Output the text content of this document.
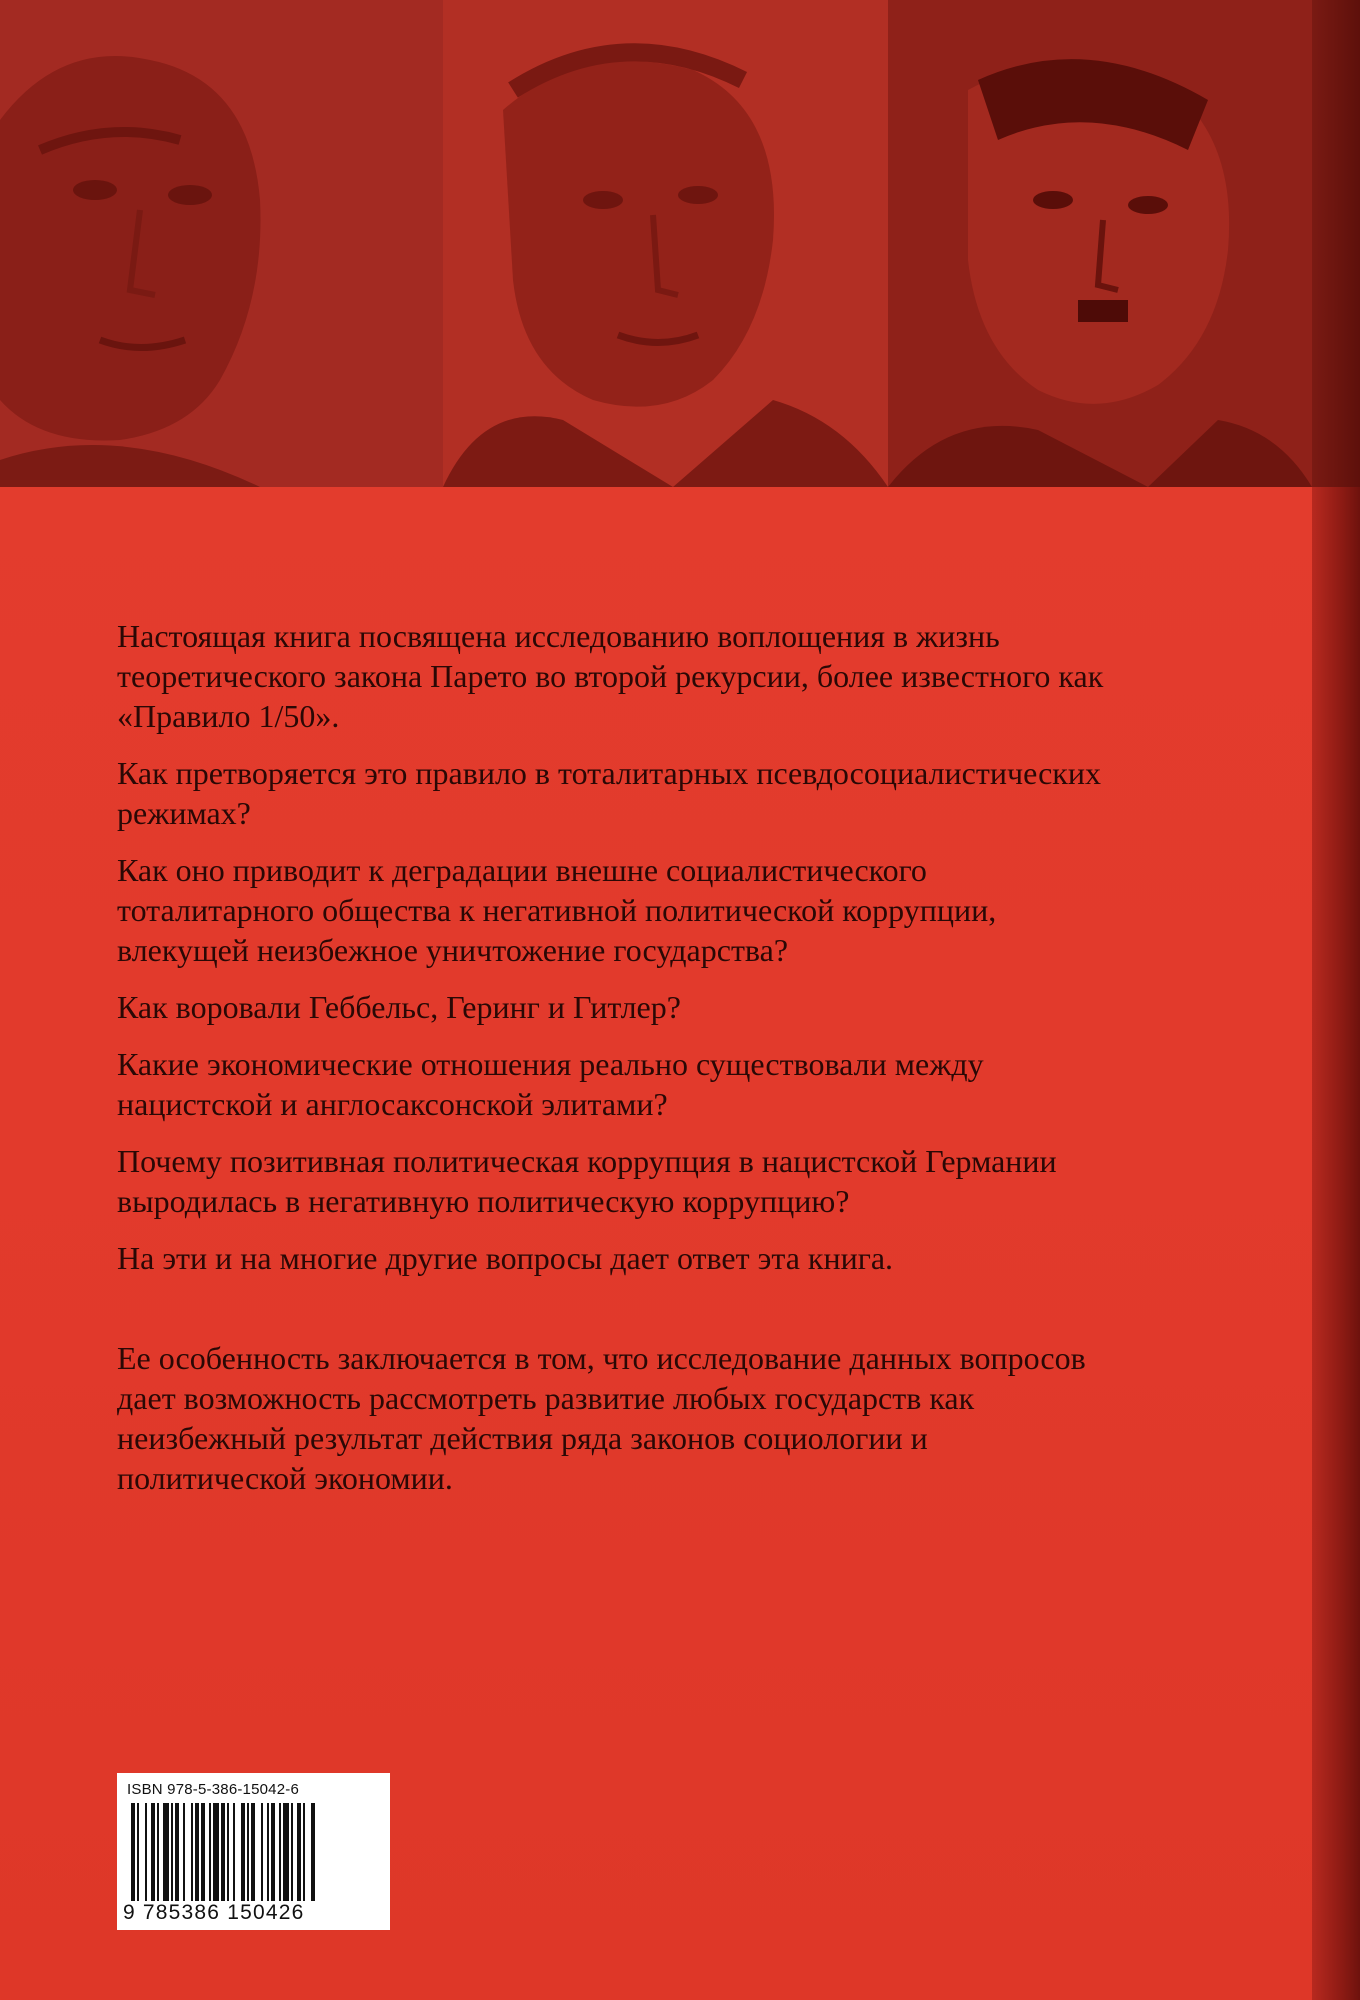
Настоящая книга посвящена исследованию воплощения в жизнь теоретического закона Парето во второй рекурсии, более известного как «Правило 1/50».

Как претворяется это правило в тоталитарных псевдосоциалистических режимах?

Как оно приводит к деградации внешне социалистического тоталитарного общества к негативной политической коррупции, влекущей неизбежное уничтожение государства?

Как воровали Геббельс, Геринг и Гитлер?

Какие экономические отношения реально существовали между нацистской и англосаксонской элитами?

Почему позитивная политическая коррупция в нацистской Германии выродилась в негативную политическую коррупцию?

На эти и на многие другие вопросы дает ответ эта книга.

Ее особенность заключается в том, что исследование данных вопросов дает возможность рассмотреть развитие любых государств как неизбежный результат действия ряда законов социологии и политической экономии.

ISBN 978-5-386-15042-6
9 785386 150426
